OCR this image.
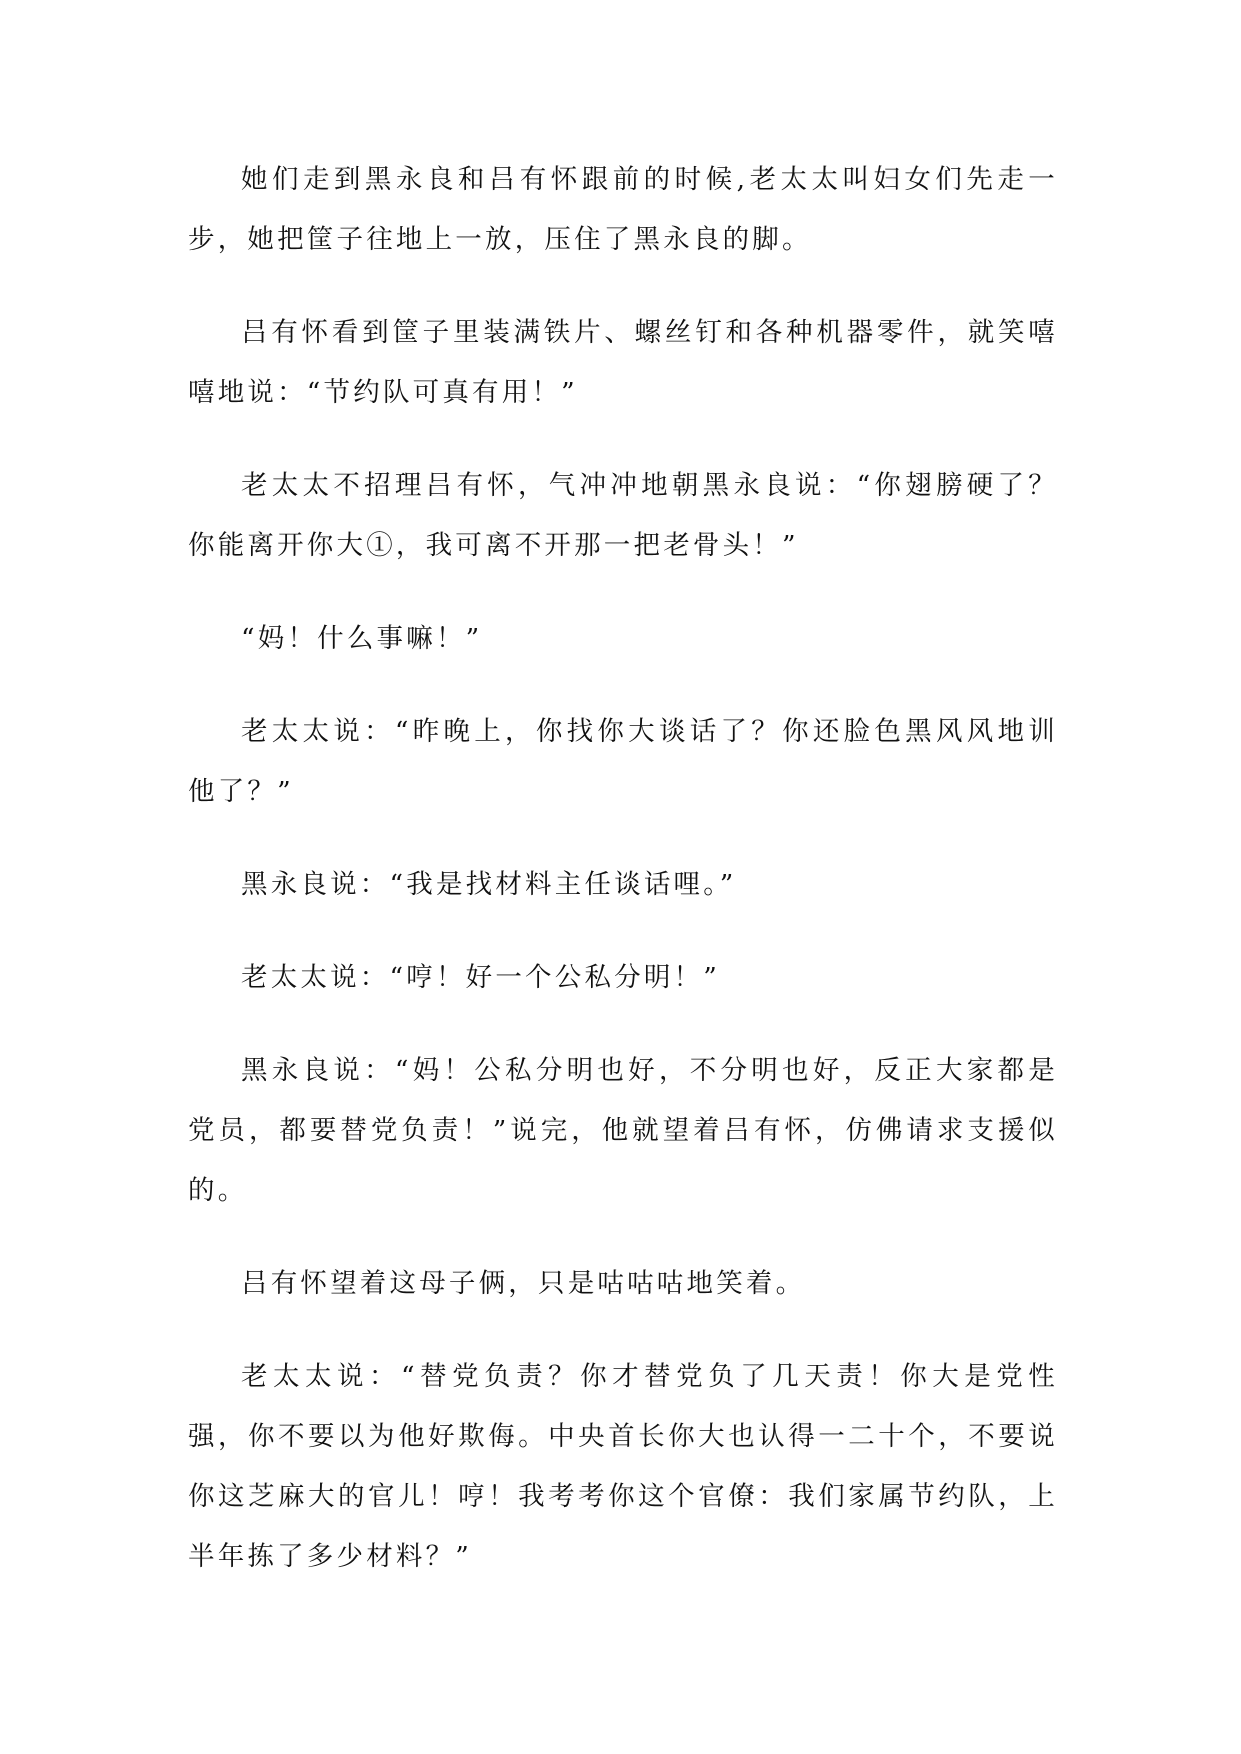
她们走到黑永良和吕有怀跟前的时候,老太太叫妇女们先走一步，她把筐子往地上一放，压住了黑永良的脚。

吕有怀看到筐子里装满铁片、螺丝钉和各种机器零件，就笑嘻嘻地说：“节约队可真有用！”

老太太不招理吕有怀，气冲冲地朝黑永良说：“你翅膀硬了？你能离开你大①，我可离不开那一把老骨头！”

“妈！什么事嘛！”

老太太说：“昨晚上，你找你大谈话了？你还脸色黑风风地训他了？”

黑永良说：“我是找材料主任谈话哩。”

老太太说：“哼！好一个公私分明！”

黑永良说：“妈！公私分明也好，不分明也好，反正大家都是党员，都要替党负责！”说完，他就望着吕有怀，仿佛请求支援似的。

吕有怀望着这母子俩，只是咕咕咕地笑着。

老太太说：“替党负责？你才替党负了几天责！你大是党性强，你不要以为他好欺侮。中央首长你大也认得一二十个，不要说你这芝麻大的官儿！哼！我考考你这个官僚：我们家属节约队，上半年拣了多少材料？”
